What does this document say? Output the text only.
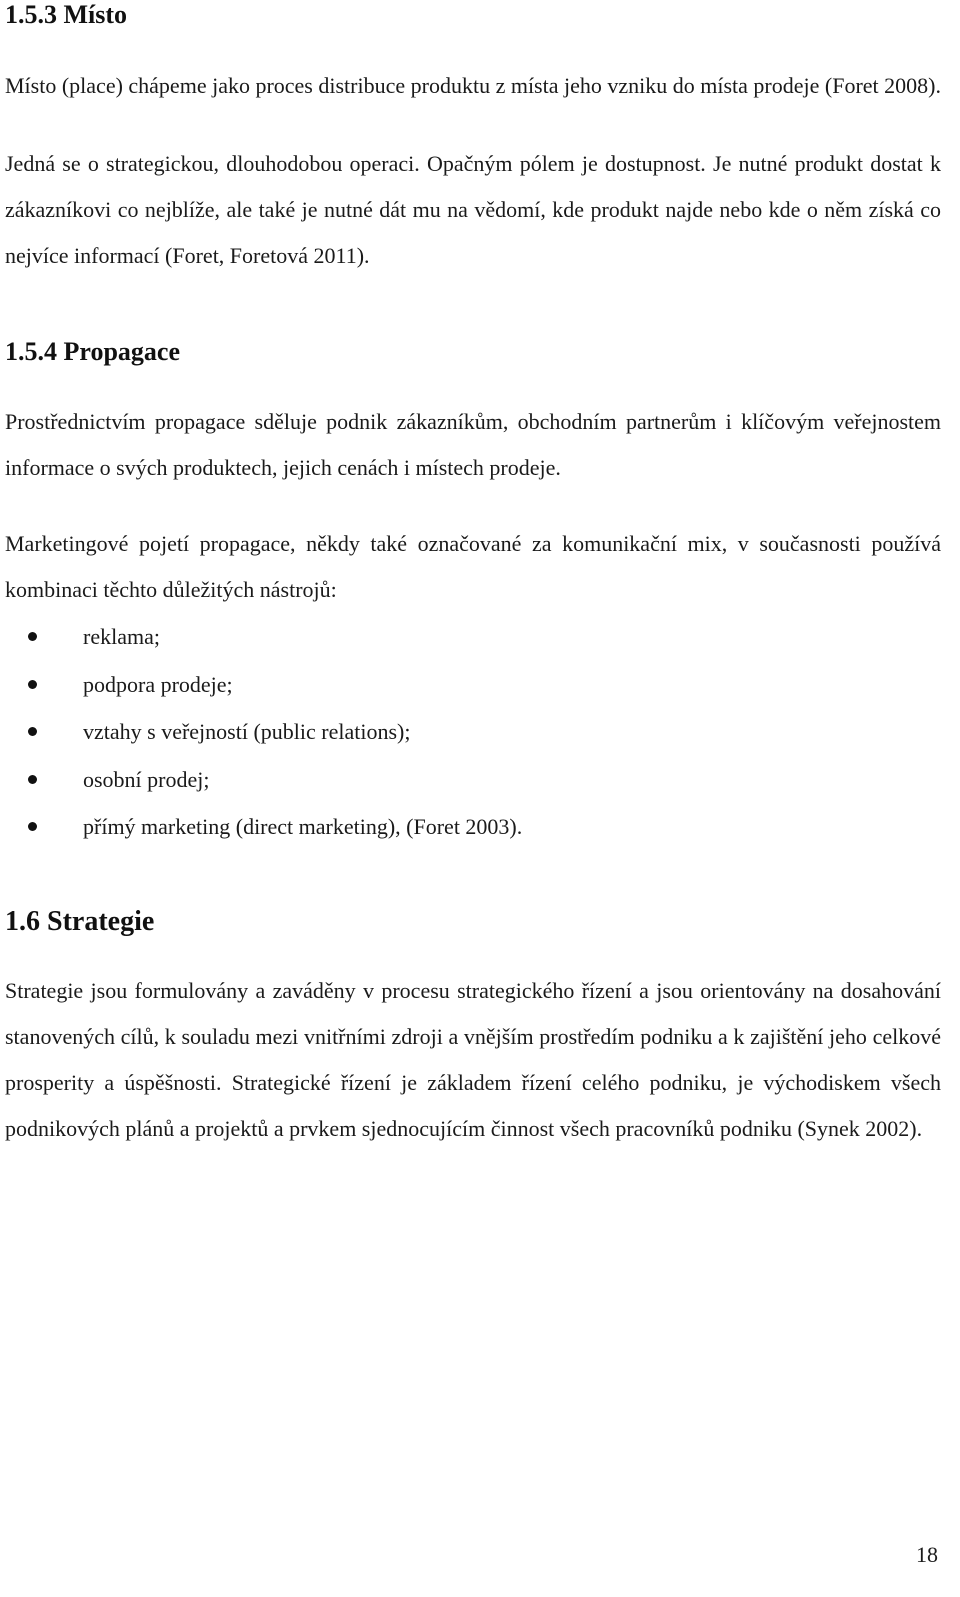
1.5.3 Místo

Místo (place) chápeme jako proces distribuce produktu z místa jeho vzniku do místa prodeje (Foret 2008).

Jedná se o strategickou, dlouhodobou operaci. Opačným pólem je dostupnost. Je nutné produkt dostat k zákazníkovi co nejblíže, ale také je nutné dát mu na vědomí, kde produkt najde nebo kde o něm získá co nejvíce informací (Foret, Foretová 2011).

1.5.4 Propagace

Prostřednictvím propagace sděluje podnik zákazníkům, obchodním partnerům i klíčovým veřejnostem informace o svých produktech, jejich cenách i místech prodeje.

Marketingové pojetí propagace, někdy také označované za komunikační mix, v současnosti používá kombinaci těchto důležitých nástrojů:

reklama;
podpora prodeje;
vztahy s veřejností (public relations);
osobní prodej;
přímý marketing (direct marketing), (Foret 2003).
1.6 Strategie

Strategie jsou formulovány a zaváděny v procesu strategického řízení a jsou orientovány na dosahování stanovených cílů, k souladu mezi vnitřními zdroji a vnějším prostředím podniku a k zajištění jeho celkové prosperity a úspěšnosti. Strategické řízení je základem řízení celého podniku, je východiskem všech podnikových plánů a projektů a prvkem sjednocujícím činnost všech pracovníků podniku (Synek 2002).

18
